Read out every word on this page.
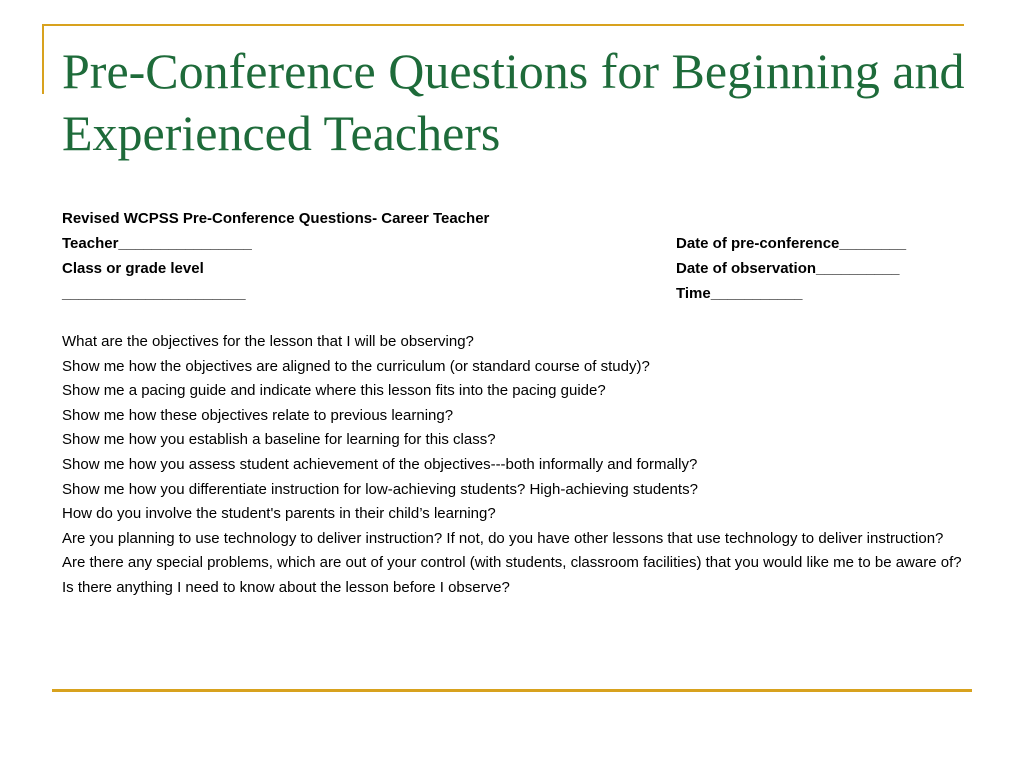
Pre-Conference Questions for Beginning and Experienced Teachers
Revised WCPSS Pre-Conference Questions- Career Teacher
Teacher________________	Date of pre-conference________
Class or grade level	Date of observation__________
______________________	Time___________
What are the objectives for the lesson that I will be observing?
Show me how the objectives are aligned to the curriculum (or standard course of study)?
Show me a pacing guide and indicate where this lesson fits into the pacing guide?
Show me how these objectives relate to previous learning?
Show me how you establish a baseline for learning for this class?
Show me how you assess student achievement of the objectives---both informally and formally?
Show me how you differentiate instruction for low-achieving students? High-achieving students?
How do you involve the student's parents in their child’s learning?
Are you planning to use technology to deliver instruction? If not, do you have other lessons that use technology to deliver instruction?
Are there any special problems, which are out of your control (with students, classroom facilities) that you would like me to be aware of?
Is there anything I need to know about the lesson before I observe?
